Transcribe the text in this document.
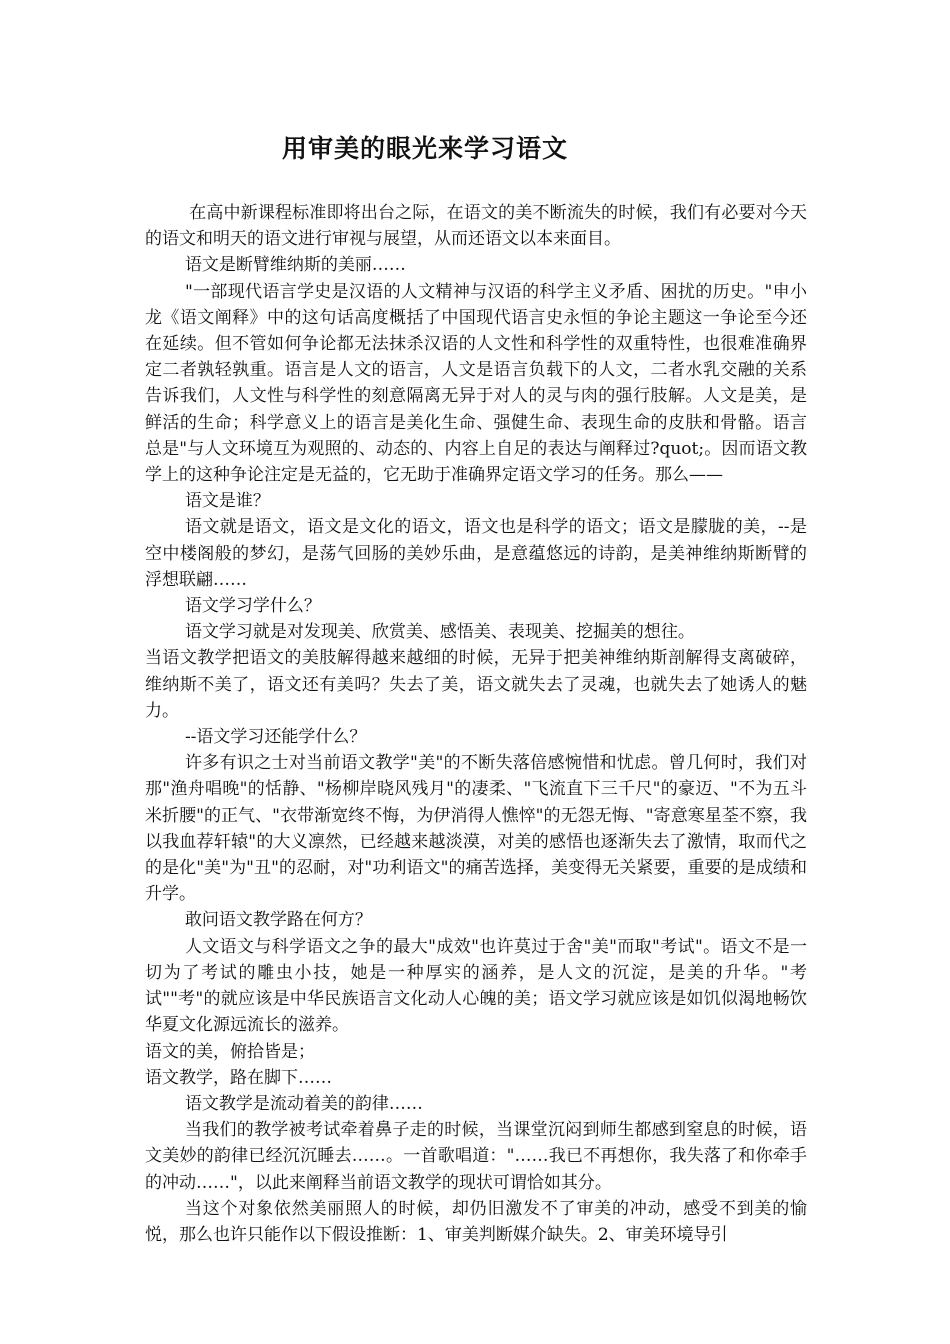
用审美的眼光来学习语文

在高中新课程标准即将出台之际，在语文的美不断流失的时候，我们有必要对今天的语文和明天的语文进行审视与展望，从而还语文以本来面目。

语文是断臂维纳斯的美丽……

"一部现代语言学史是汉语的人文精神与汉语的科学主义矛盾、困扰的历史。"申小龙《语文阐释》中的这句话高度概括了中国现代语言史永恒的争论主题这一争论至今还在延续。但不管如何争论都无法抹杀汉语的人文性和科学性的双重特性，也很难准确界定二者孰轻孰重。语言是人文的语言，人文是语言负载下的人文，二者水乳交融的关系告诉我们，人文性与科学性的刻意隔离无异于对人的灵与肉的强行肢解。人文是美，是鲜活的生命；科学意义上的语言是美化生命、强健生命、表现生命的皮肤和骨骼。语言总是"与人文环境互为观照的、动态的、内容上自足的表达与阐释过?quot;。因而语文教学上的这种争论注定是无益的，它无助于准确界定语文学习的任务。那么——

语文是谁？

语文就是语文，语文是文化的语文，语文也是科学的语文；语文是朦胧的美，--是空中楼阁般的梦幻，是荡气回肠的美妙乐曲，是意蕴悠远的诗韵，是美神维纳斯断臂的浮想联翩……

语文学习学什么？

语文学习就是对发现美、欣赏美、感悟美、表现美、挖掘美的想往。

当语文教学把语文的美肢解得越来越细的时候，无异于把美神维纳斯剖解得支离破碎，维纳斯不美了，语文还有美吗？失去了美，语文就失去了灵魂，也就失去了她诱人的魅力。

--语文学习还能学什么？

许多有识之士对当前语文教学"美"的不断失落倍感惋惜和忧虑。曾几何时，我们对那"渔舟唱晚"的恬静、"杨柳岸晓风残月"的凄柔、"飞流直下三千尺"的豪迈、"不为五斗米折腰"的正气、"衣带渐宽终不悔，为伊消得人憔悴"的无怨无悔、"寄意寒星荃不察，我以我血荐轩辕"的大义凛然，已经越来越淡漠，对美的感悟也逐渐失去了激情，取而代之的是化"美"为"丑"的忍耐，对"功利语文"的痛苦选择，美变得无关紧要，重要的是成绩和升学。

敢问语文教学路在何方？

人文语文与科学语文之争的最大"成效"也许莫过于舍"美"而取"考试"。语文不是一切为了考试的雕虫小技，她是一种厚实的涵养，是人文的沉淀，是美的升华。"考试""考"的就应该是中华民族语言文化动人心魄的美；语文学习就应该是如饥似渴地畅饮华夏文化源远流长的滋养。

语文的美，俯拾皆是；

语文教学，路在脚下……

语文教学是流动着美的韵律……

当我们的教学被考试牵着鼻子走的时候，当课堂沉闷到师生都感到窒息的时候，语文美妙的韵律已经沉沉睡去……。一首歌唱道："……我已不再想你，我失落了和你牵手的冲动……"，以此来阐释当前语文教学的现状可谓恰如其分。

当这个对象依然美丽照人的时候，却仍旧激发不了审美的冲动，感受不到美的愉悦，那么也许只能作以下假设推断：1、审美判断媒介缺失。2、审美环境导引
